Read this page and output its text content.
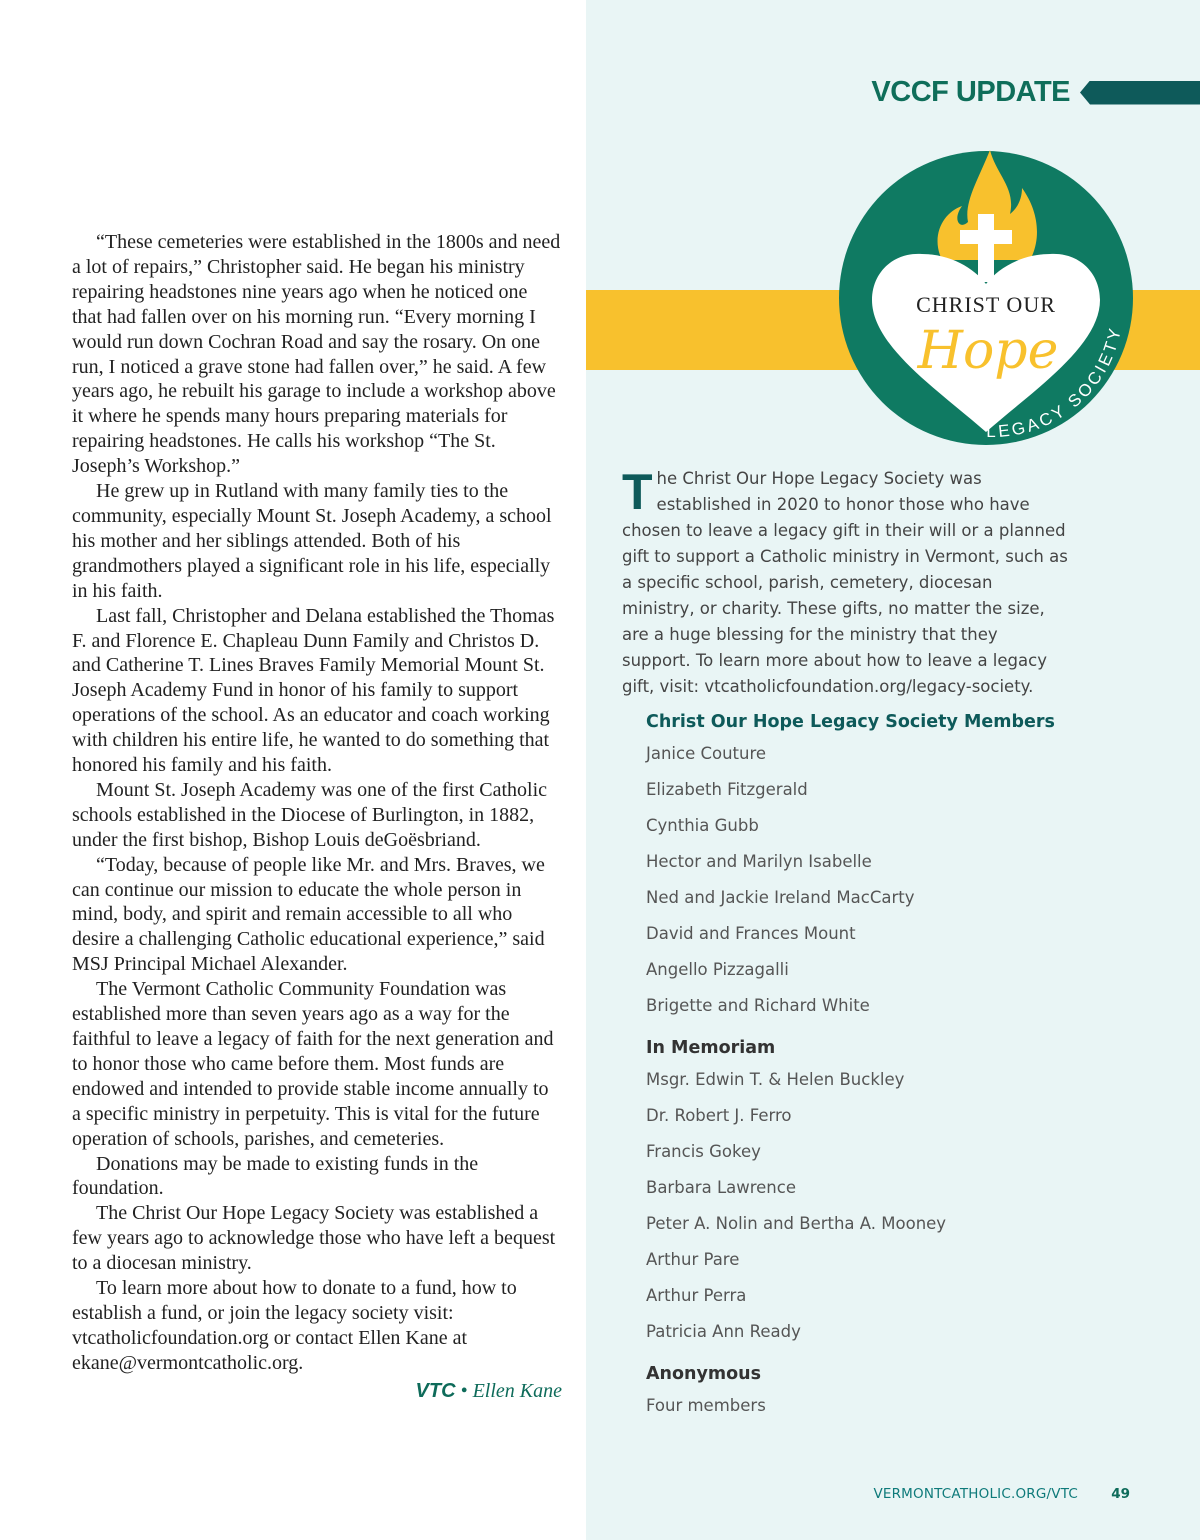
“These cemeteries were established in the 1800s and need a lot of repairs,” Christopher said. He began his ministry repairing headstones nine years ago when he noticed one that had fallen over on his morning run. “Every morning I would run down Cochran Road and say the rosary. On one run, I noticed a grave stone had fallen over,” he said. A few years ago, he rebuilt his garage to include a workshop above it where he spends many hours preparing materials for repairing headstones. He calls his workshop “The St. Joseph’s Workshop.”

He grew up in Rutland with many family ties to the community, especially Mount St. Joseph Academy, a school his mother and her siblings attended. Both of his grandmothers played a significant role in his life, especially in his faith.

Last fall, Christopher and Delana established the Thomas F. and Florence E. Chapleau Dunn Family and Christos D. and Catherine T. Lines Braves Family Memorial Mount St. Joseph Academy Fund in honor of his family to support operations of the school. As an educator and coach working with children his entire life, he wanted to do something that honored his family and his faith.

Mount St. Joseph Academy was one of the first Catholic schools established in the Diocese of Burlington, in 1882, under the first bishop, Bishop Louis deGoësbriand.

“Today, because of people like Mr. and Mrs. Braves, we can continue our mission to educate the whole person in mind, body, and spirit and remain accessible to all who desire a challenging Catholic educational experience,” said MSJ Principal Michael Alexander.

The Vermont Catholic Community Foundation was established more than seven years ago as a way for the faithful to leave a legacy of faith for the next generation and to honor those who came before them. Most funds are endowed and intended to provide stable income annually to a specific ministry in perpetuity. This is vital for the future operation of schools, parishes, and cemeteries.

Donations may be made to existing funds in the foundation.

The Christ Our Hope Legacy Society was established a few years ago to acknowledge those who have left a bequest to a diocesan ministry.

To learn more about how to donate to a fund, how to establish a fund, or join the legacy society visit: vtcatholicfoundation.org or contact Ellen Kane at ekane@vermontcatholic.org.

VTC • Ellen Kane
VCCF UPDATE
CHRIST OUR
Hope
LEGACY SOCIETY
T he Christ Our Hope Legacy Society was established in 2020 to honor those who have chosen to leave a legacy gift in their will or a planned gift to support a Catholic ministry in Vermont, such as a specific school, parish, cemetery, diocesan ministry, or charity. These gifts, no matter the size, are a huge blessing for the ministry that they support. To learn more about how to leave a legacy gift, visit: vtcatholicfoundation.org/legacy-society.

Christ Our Hope Legacy Society Members
Janice Couture
Elizabeth Fitzgerald
Cynthia Gubb
Hector and Marilyn Isabelle
Ned and Jackie Ireland MacCarty
David and Frances Mount
Angello Pizzagalli
Brigette and Richard White
In Memoriam
Msgr. Edwin T. & Helen Buckley
Dr. Robert J. Ferro
Francis Gokey
Barbara Lawrence
Peter A. Nolin and Bertha A. Mooney
Arthur Pare
Arthur Perra
Patricia Ann Ready
Anonymous
Four members
VERMONTCATHOLIC.ORG/VTC 49
